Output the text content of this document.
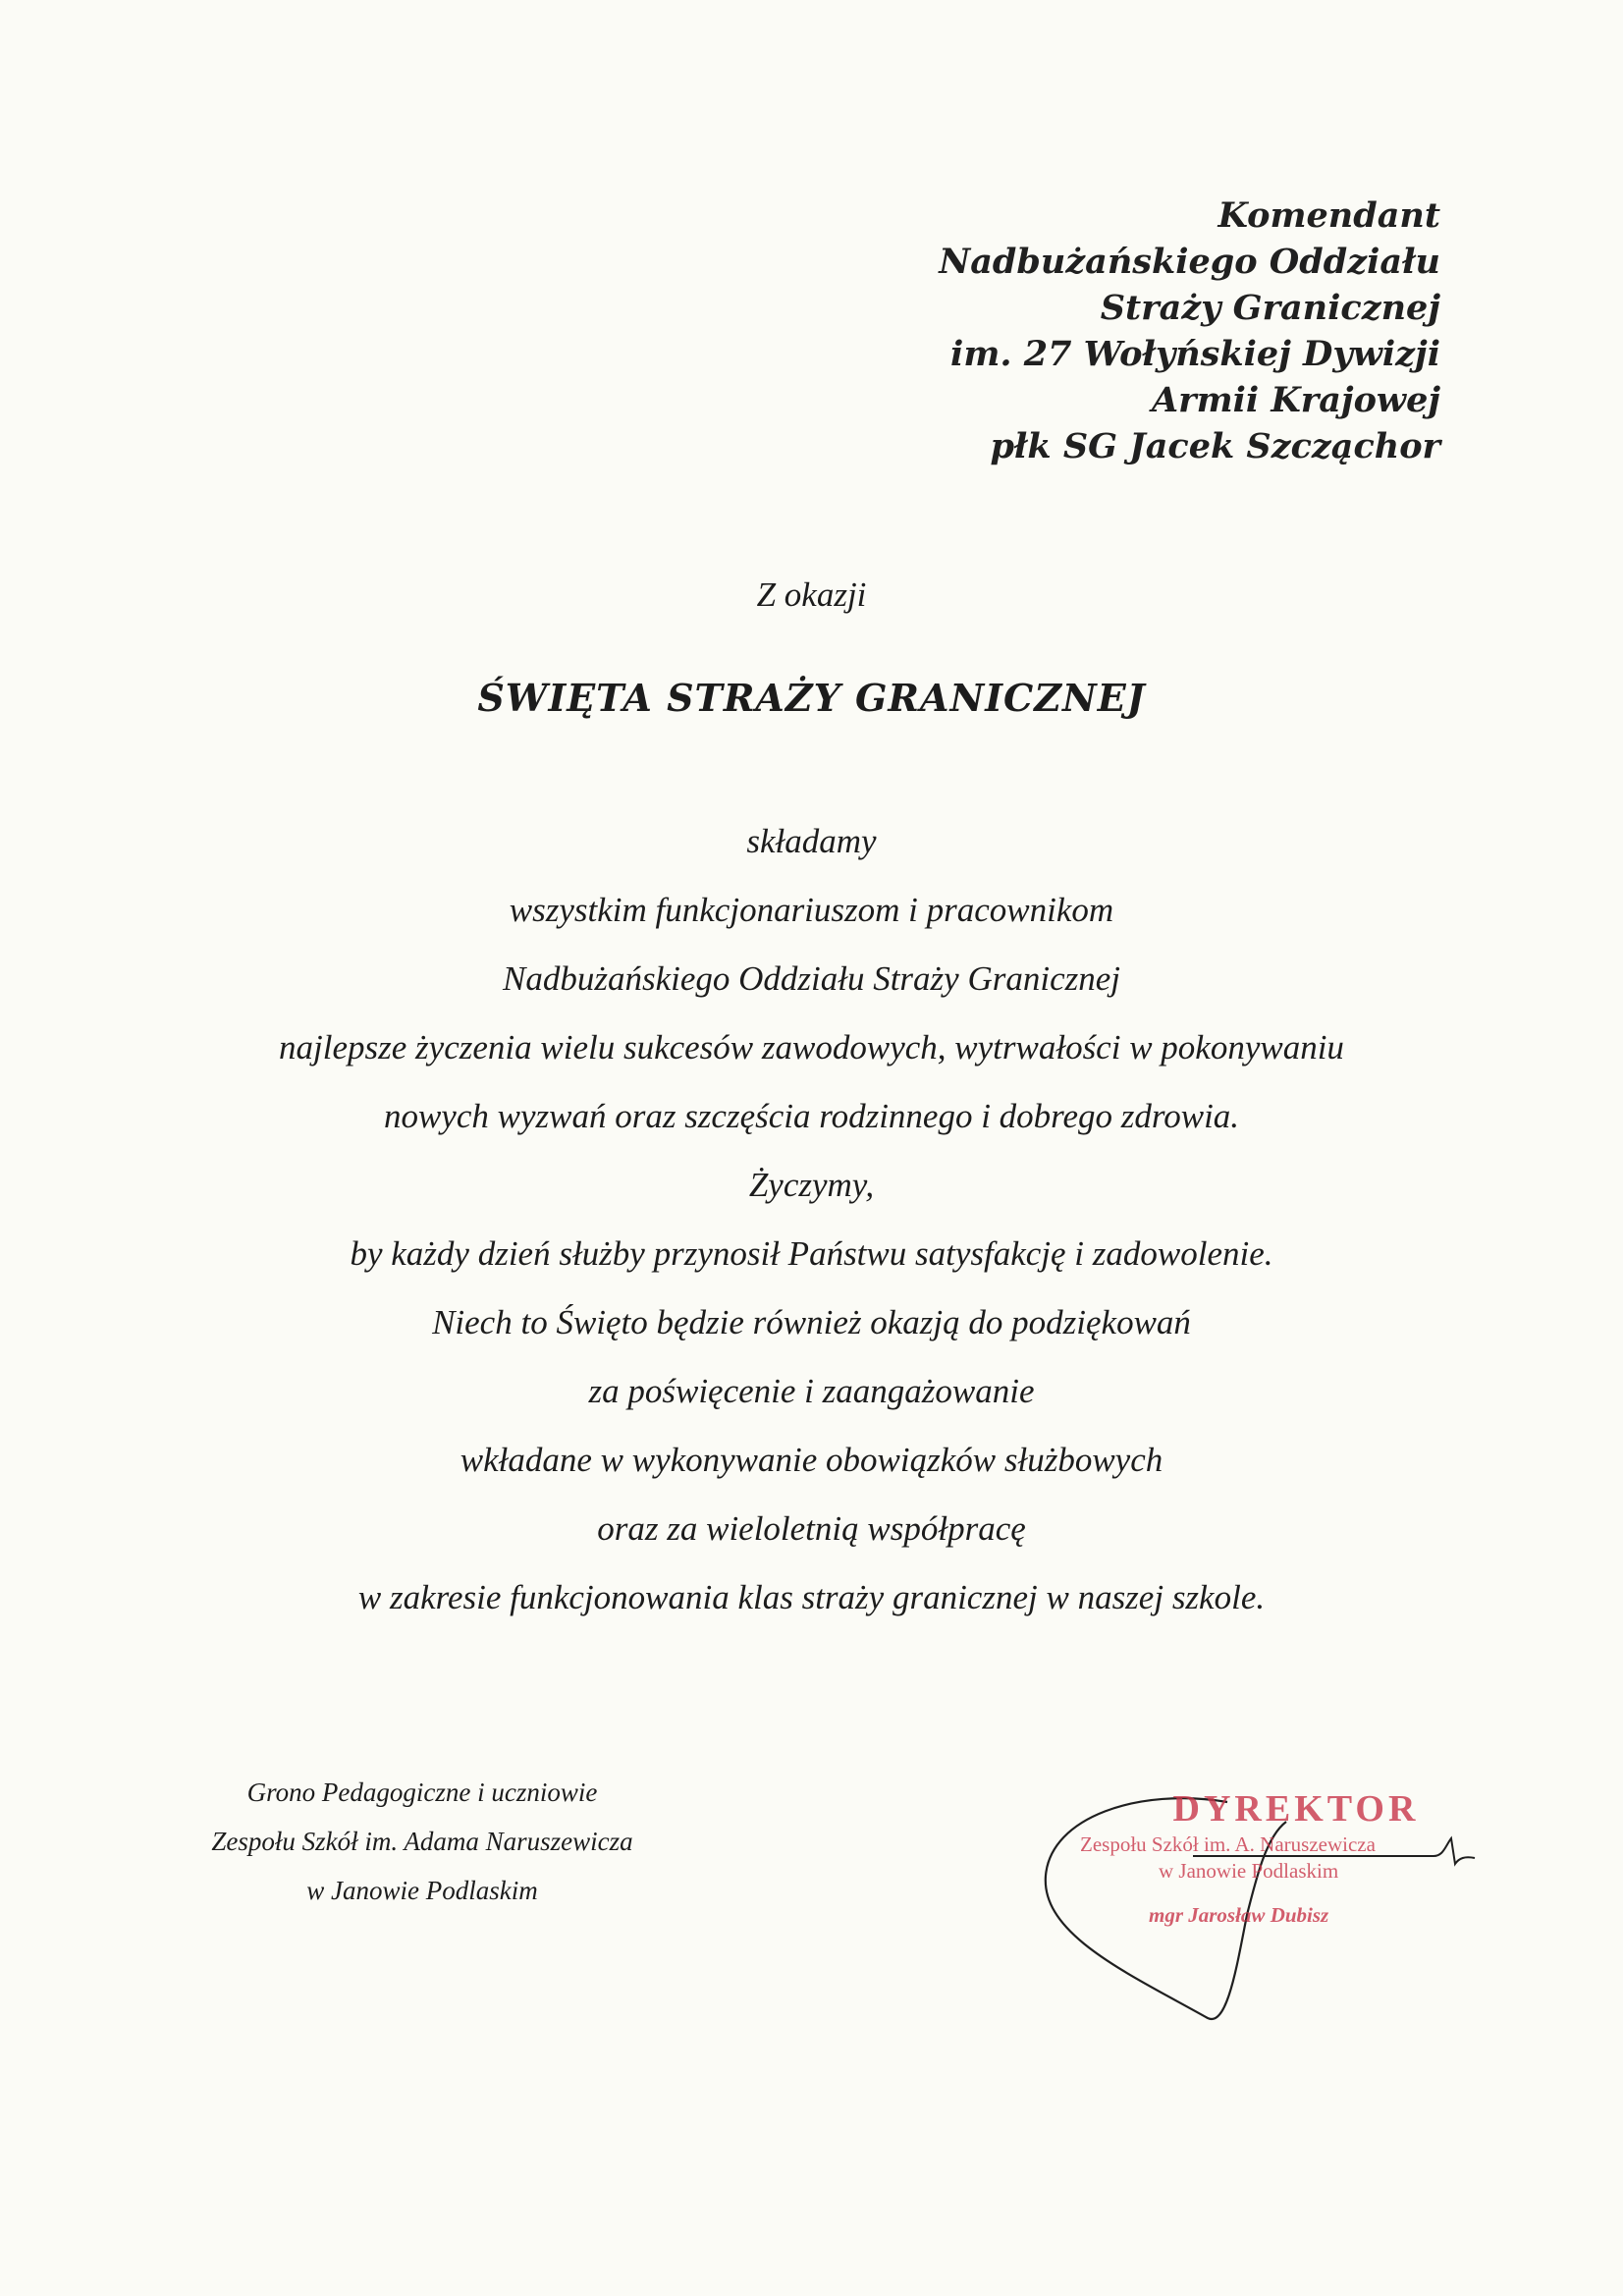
Komendant
Nadbużańskiego Oddziału
Straży Granicznej
im. 27 Wołyńskiej Dywizji
Armii Krajowej
płk SG Jacek Szcząchor
Z okazji
ŚWIĘTA STRAŻY GRANICZNEJ
składamy
wszystkim funkcjonariuszom i pracownikom
Nadbużańskiego Oddziału Straży Granicznej
najlepsze życzenia wielu sukcesów zawodowych, wytrwałości w pokonywaniu
nowych wyzwań oraz szczęścia rodzinnego i dobrego zdrowia.
Życzymy,
by każdy dzień służby przynosił Państwu satysfakcję i zadowolenie.
Niech to Święto będzie również okazją do podziękowań
za poświęcenie i zaangażowanie
wkładane w wykonywanie obowiązków służbowych
oraz za wieloletnią współpracę
w zakresie funkcjonowania klas straży granicznej w naszej szkole.
Grono Pedagogiczne i uczniowie
Zespołu Szkół im. Adama Naruszewicza
w Janowie Podlaskim
DYREKTOR
Zespołu Szkół im. A. Naruszewicza
w Janowie Podlaskim
mgr Jarosław Dubisz
